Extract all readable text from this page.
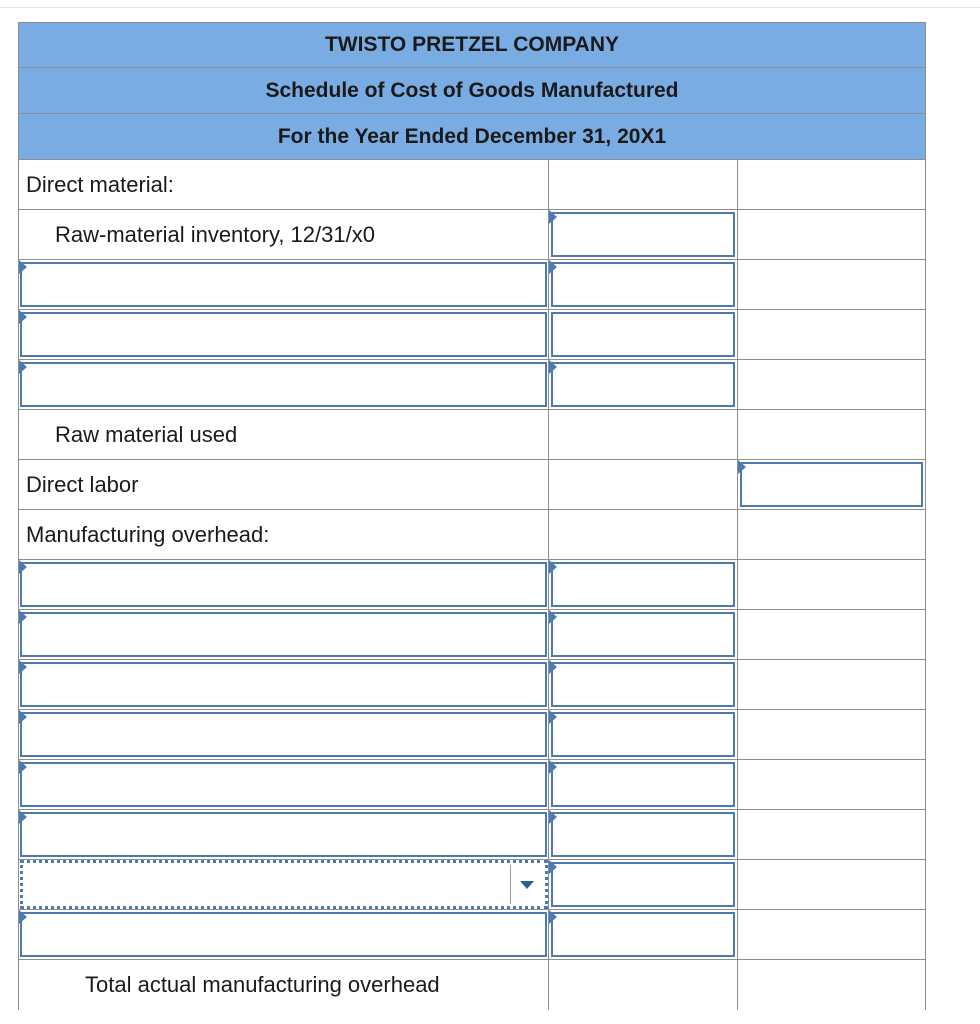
TWISTO PRETZEL COMPANY
Schedule of Cost of Goods Manufactured
For the Year Ended December 31, 20X1
Direct material:
Raw-material inventory, 12/31/x0
Raw material used
Direct labor
Manufacturing overhead:
Total actual manufacturing overhead
